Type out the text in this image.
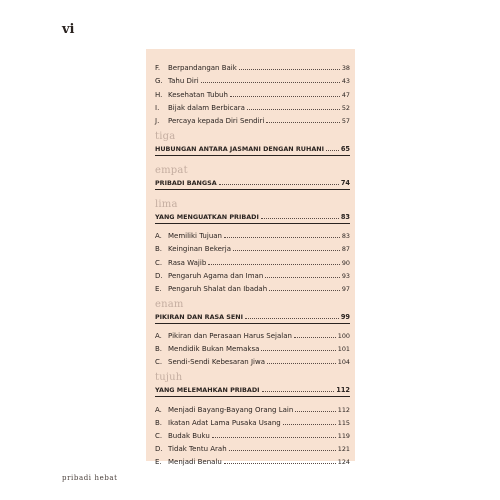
vi
F.	Berpandangan Baik	38
G. Tahu Diri	43
H. Kesehatan Tubuh	47
I.	Bijak dalam Berbicara	52
J.	Percaya kepada Diri Sendiri	57
tiga
HUBUNGAN ANTARA JASMANI DENGAN RUHANI	65
empat
PRIBADI BANGSA	74
lima
YANG MENGUATKAN PRIBADI	83
A. Memiliki Tujuan	83
B. Keinginan Bekerja	87
C. Rasa Wajib	90
D. Pengaruh Agama dan Iman	93
E. Pengaruh Shalat dan Ibadah	97
enam
PIKIRAN DAN RASA SENI	99
A. Pikiran dan Perasaan Harus Sejalan	100
B. Mendidik Bukan Memaksa	101
C. Sendi-Sendi Kebesaran Jiwa	104
tujuh
YANG MELEMAHKAN PRIBADI	112
A. Menjadi Bayang-Bayang Orang Lain	112
B. Ikatan Adat Lama Pusaka Usang	115
C. Budak Buku	119
D. Tidak Tentu Arah	121
E. Menjadi Benalu	124
pribadi hebat
